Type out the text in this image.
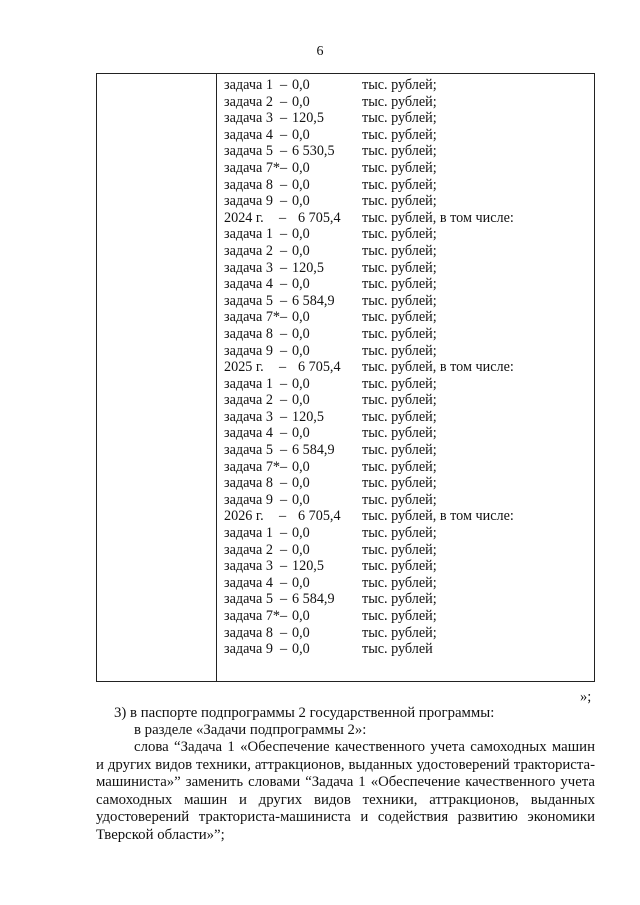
6
задача 1 – 0,0	тыс. рублей;
задача 2 – 0,0	тыс. рублей;
задача 3 – 120,5	тыс. рублей;
задача 4 – 0,0	тыс. рублей;
задача 5 – 6 530,5 тыс. рублей;
задача 7* – 0,0	тыс. рублей;
задача 8 – 0,0	тыс. рублей;
задача 9 – 0,0	тыс. рублей;
2024 г. – 6 705,4 тыс. рублей, в том числе:
задача 1 – 0,0	тыс. рублей;
задача 2 – 0,0	тыс. рублей;
задача 3 – 120,5	тыс. рублей;
задача 4 – 0,0	тыс. рублей;
задача 5 – 6 584,9 тыс. рублей;
задача 7* – 0,0	тыс. рублей;
задача 8 – 0,0	тыс. рублей;
задача 9 – 0,0	тыс. рублей;
2025 г. – 6 705,4 тыс. рублей, в том числе:
задача 1 – 0,0	тыс. рублей;
задача 2 – 0,0	тыс. рублей;
задача 3 – 120,5	тыс. рублей;
задача 4 – 0,0	тыс. рублей;
задача 5 – 6 584,9 тыс. рублей;
задача 7* – 0,0	тыс. рублей;
задача 8 – 0,0	тыс. рублей;
задача 9 – 0,0	тыс. рублей;
2026 г. – 6 705,4 тыс. рублей, в том числе:
задача 1 – 0,0	тыс. рублей;
задача 2 – 0,0	тыс. рублей;
задача 3 – 120,5	тыс. рублей;
задача 4 – 0,0	тыс. рублей;
задача 5 – 6 584,9 тыс. рублей;
задача 7* – 0,0	тыс. рублей;
задача 8 – 0,0	тыс. рублей;
задача 9 – 0,0	тыс. рублей
»;
3) в паспорте подпрограммы 2 государственной программы:
в разделе «Задачи подпрограммы 2»:
слова “Задача 1 «Обеспечение качественного учета самоходных машин и других видов техники, аттракционов, выданных удостоверений тракториста-машиниста»” заменить словами “Задача 1 «Обеспечение качественного учета самоходных машин и других видов техники, аттракционов, выданных удостоверений тракториста-машиниста и содействия развитию экономики Тверской области»”;
